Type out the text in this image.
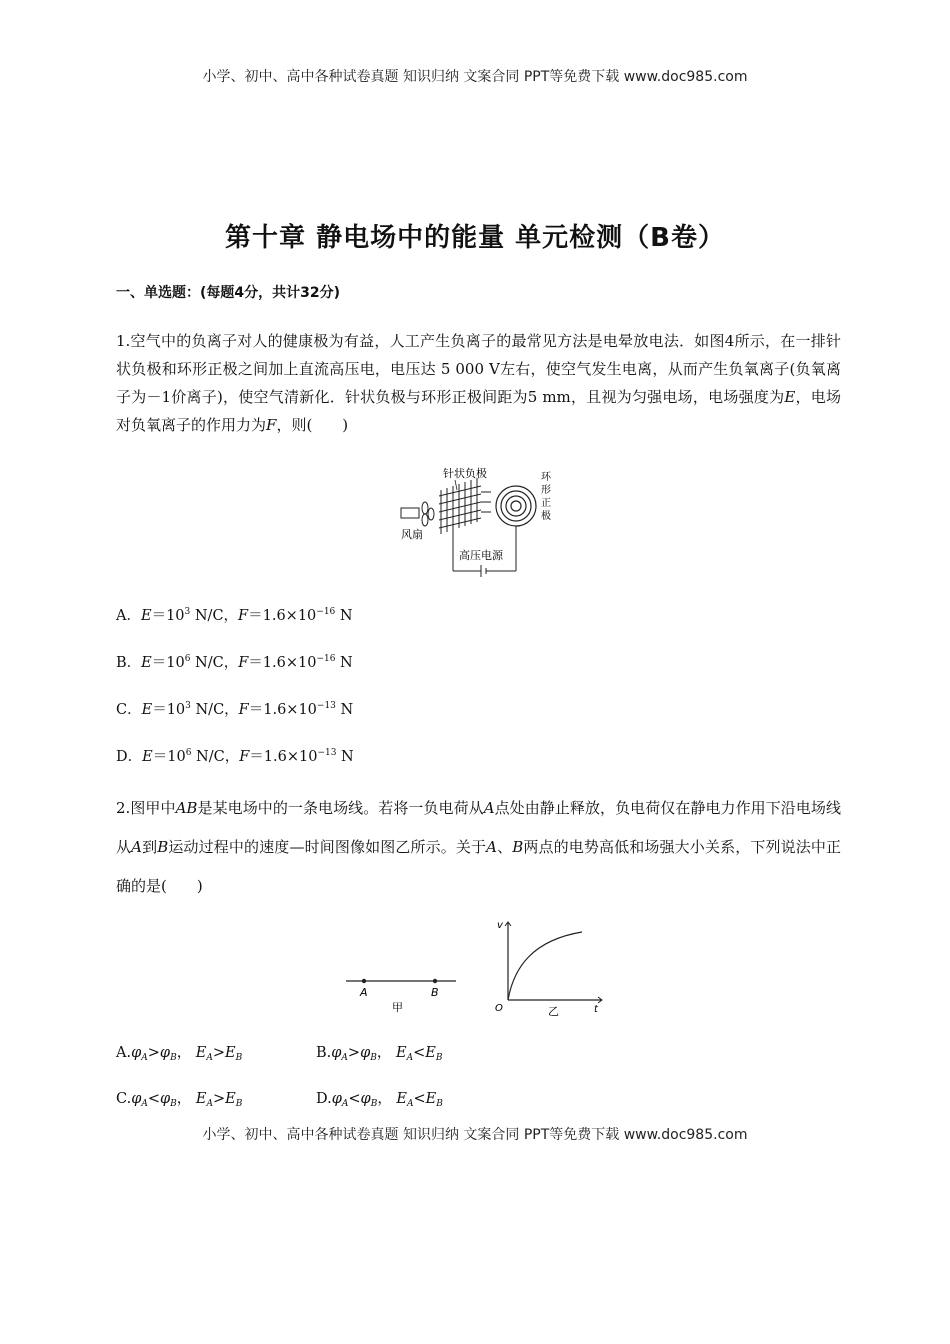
小学、初中、高中各种试卷真题 知识归纳 文案合同 PPT等免费下载 www.doc985.com
第十章 静电场中的能量 单元检测（B卷）
一、单选题：(每题4分，共计32分)
1.空气中的负离子对人的健康极为有益，人工产生负离子的最常见方法是电晕放电法．如图4所示，在一排针状负极和环形正极之间加上直流高压电，电压达 5 000 V左右，使空气发生电离，从而产生负氧离子(负氧离子为－1价离子)，使空气清新化．针状负极与环形正极间距为5 mm，且视为匀强电场，电场强度为E，电场对负氧离子的作用力为F，则(　　)
针状负极
风扇
环
形
正
极
高压电源
A．$E=10^3$ N/C，$F=1.6\times 10^{-16}$ N
B．$E=10^6$ N/C，$F=1.6\times 10^{-16}$ N
C．$E=10^3$ N/C，$F=1.6\times 10^{-13}$ N
D．$E=10^6$ N/C，$F=1.6\times 10^{-13}$ N
2.图甲中AB是某电场中的一条电场线。若将一负电荷从A点处由静止释放，负电荷仅在静电力作用下沿电场线从A到B运动过程中的速度—时间图像如图乙所示。关于A、B两点的电势高低和场强大小关系，下列说法中正确的是(　　)
A	B
甲
v
t
O	乙
$A.\varphi_A>\varphi_B$， $E_A>E_B$	$B.\varphi_A>\varphi_B$， $E_A<E_B$
$C.\varphi_A<\varphi_B$， $E_A>E_B$	$D.\varphi_A<\varphi_B$， $E_A<E_B$
小学、初中、高中各种试卷真题 知识归纳 文案合同 PPT等免费下载 www.doc985.com
